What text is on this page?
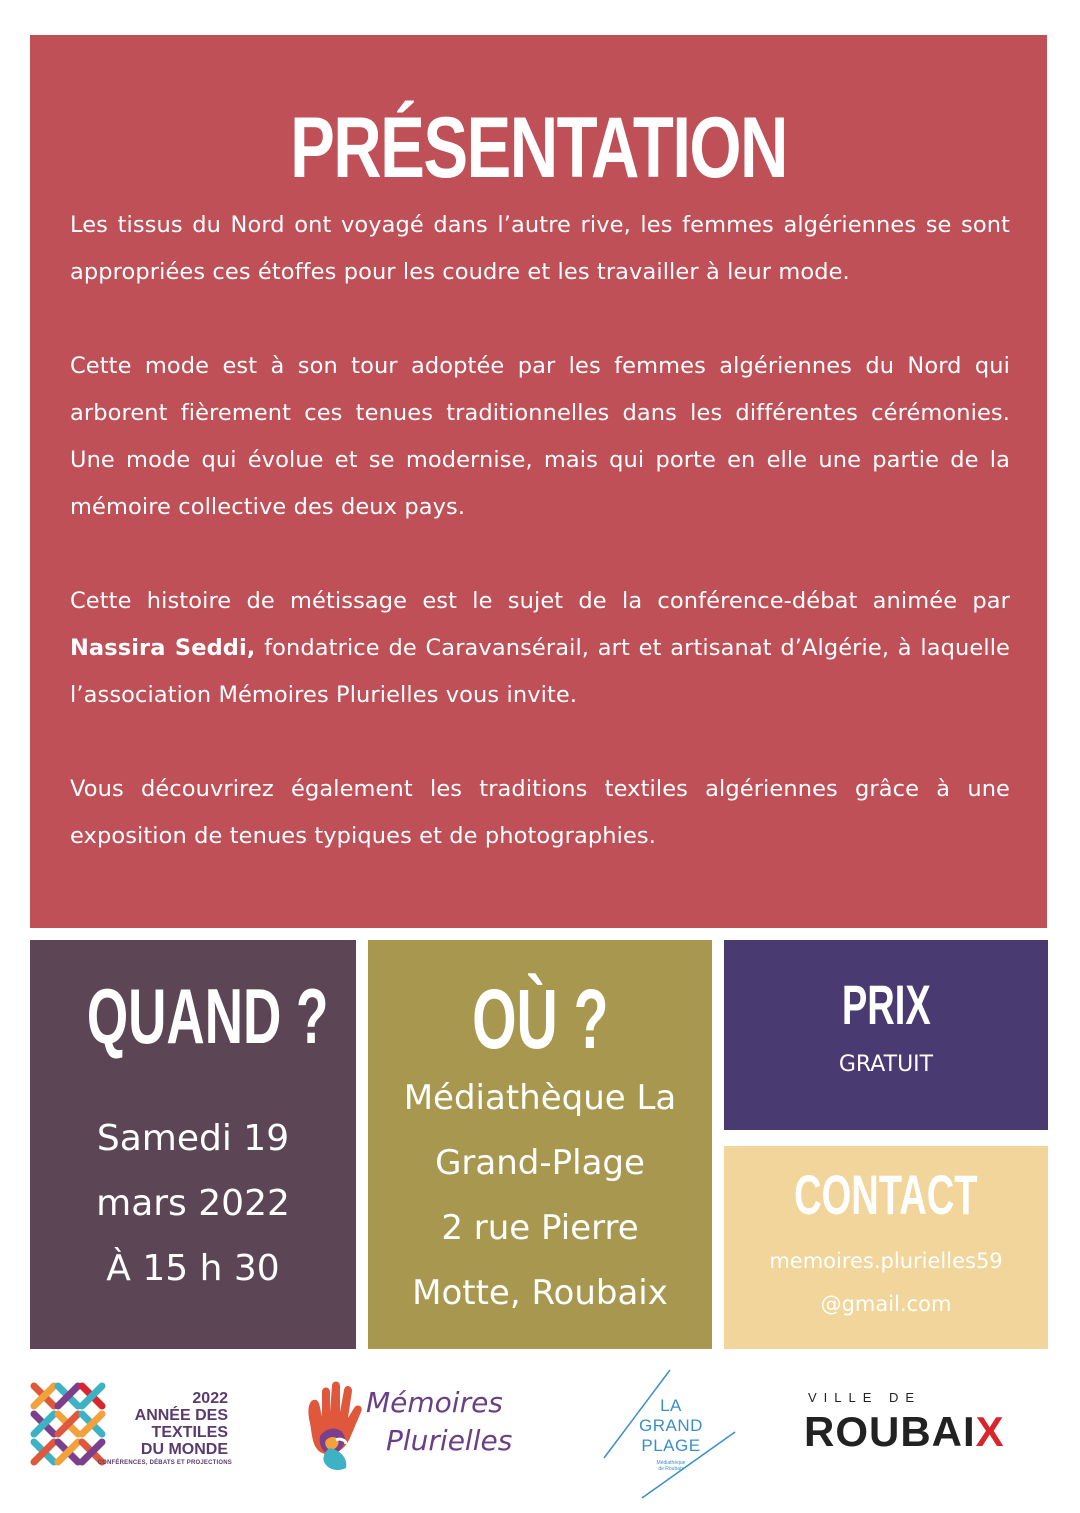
PRÉSENTATION

Les tissus du Nord ont voyagé dans l’autre rive, les femmes algériennes se sont appropriées ces étoffes pour les coudre et les travailler à leur mode.

Cette mode est à son tour adoptée par les femmes algériennes du Nord qui arborent fièrement ces tenues traditionnelles dans les différentes cérémonies. Une mode qui évolue et se modernise, mais qui porte en elle une partie de la mémoire collective des deux pays.

Cette histoire de métissage est le sujet de la conférence-débat animée par Nassira Seddi, fondatrice de Caravansérail, art et artisanat d’Algérie, à laquelle l’association Mémoires Plurielles vous invite.

Vous découvrirez également les traditions textiles algériennes grâce à une exposition de tenues typiques et de photographies.

QUAND ?
Samedi 19
mars 2022
À 15 h 30
OÙ ?
Médiathèque La
Grand-Plage
2 rue Pierre
Motte, Roubaix
PRIX
GRATUIT
CONTACT
memoires.plurielles59
@gmail.com
2022
ANNÉE DES
TEXTILES
DU MONDE
CONFÉRENCES, DÉBATS ET PROJECTIONS
Mémoires
Plurielles
LA
GRAND
PLAGE
Médiathèque
de Roubaix
VILLE DE
ROUBAIX
